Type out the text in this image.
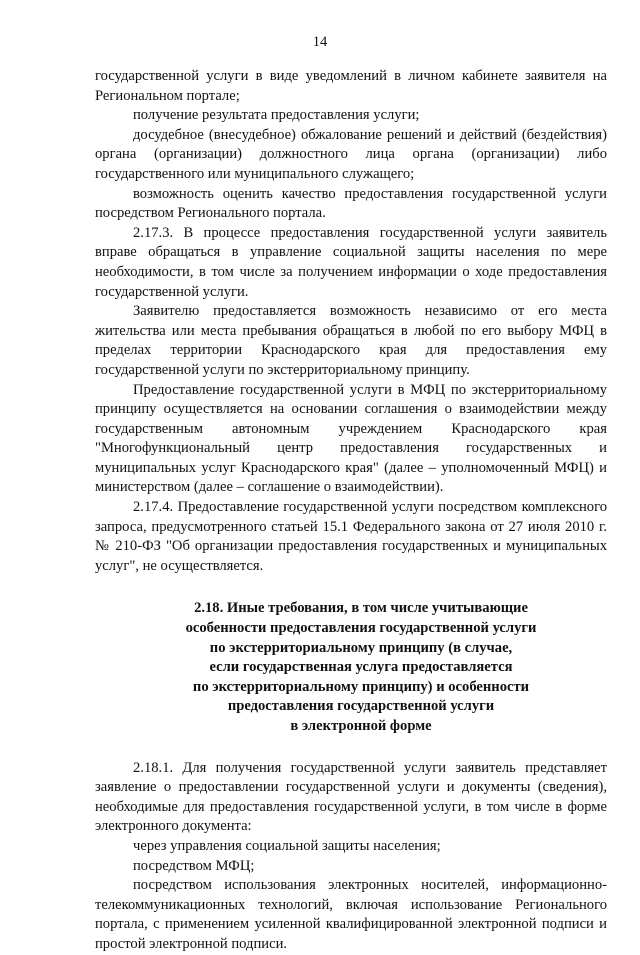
14

государственной услуги в виде уведомлений в личном кабинете заявителя на Региональном портале;

получение результата предоставления услуги;

досудебное (внесудебное) обжалование решений и действий (бездействия) органа (организации) должностного лица органа (организации) либо государственного или муниципального служащего;

возможность оценить качество предоставления государственной услуги посредством Регионального портала.

2.17.3. В процессе предоставления государственной услуги заявитель вправе обращаться в управление социальной защиты населения по мере необходимости, в том числе за получением информации о ходе предоставления государственной услуги.

Заявителю предоставляется возможность независимо от его места жительства или места пребывания обращаться в любой по его выбору МФЦ в пределах территории Краснодарского края для предоставления ему государственной услуги по экстерриториальному принципу.

Предоставление государственной услуги в МФЦ по экстерриториальному принципу осуществляется на основании соглашения о взаимодействии между государственным автономным учреждением Краснодарского края "Многофункциональный центр предоставления государственных и муниципальных услуг Краснодарского края" (далее – уполномоченный МФЦ) и министерством (далее – соглашение о взаимодействии).

2.17.4. Предоставление государственной услуги посредством комплексного запроса, предусмотренного статьей 15.1 Федерального закона от 27 июля 2010 г. № 210-ФЗ "Об организации предоставления государственных и муниципальных услуг", не осуществляется.

2.18. Иные требования, в том числе учитывающие
особенности предоставления государственной услуги
по экстерриториальному принципу (в случае,
если государственная услуга предоставляется
по экстерриториальному принципу) и особенности
предоставления государственной услуги
в электронной форме

2.18.1. Для получения государственной услуги заявитель представляет заявление о предоставлении государственной услуги и документы (сведения), необходимые для предоставления государственной услуги, в том числе в форме электронного документа:

через управления социальной защиты населения;

посредством МФЦ;

посредством использования электронных носителей, информационно-телекоммуникационных технологий, включая использование Регионального портала, с применением усиленной квалифицированной электронной подписи и простой электронной подписи.
